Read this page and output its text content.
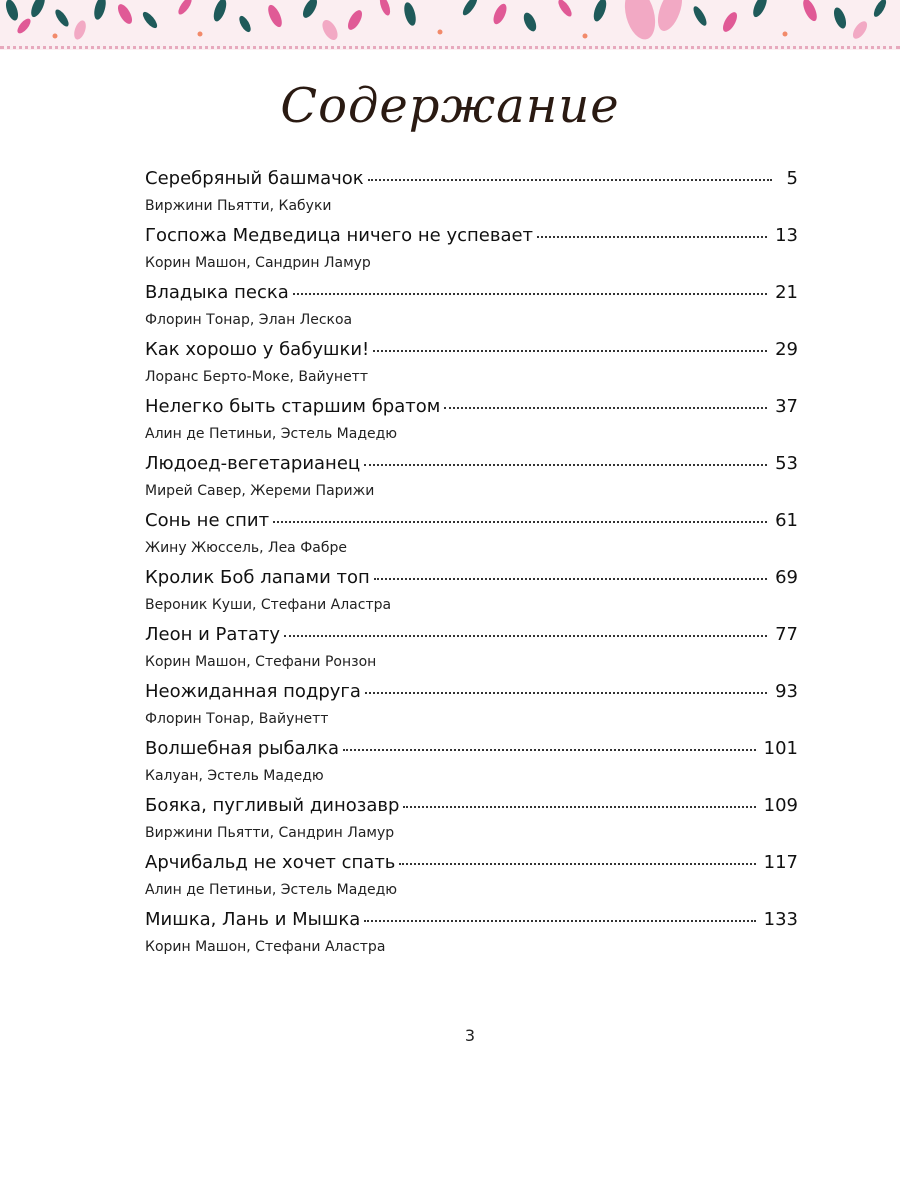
Содержание
Серебряный башмачок	5
Виржини Пьятти, Кабуки
Госпожа Медведица ничего не успевает	13
Корин Машон, Сандрин Ламур
Владыка песка	21
Флорин Тонар, Элан Лескоа
Как хорошо у бабушки!	29
Лоранс Берто-Моке, Вайунетт
Нелегко быть старшим братом	37
Алин де Петиньи, Эстель Мадедю
Людоед-вегетарианец	53
Мирей Савер, Жереми Парижи
Сонь не спит	61
Жину Жюссель, Леа Фабре
Кролик Боб лапами топ	69
Вероник Куши, Стефани Аластра
Леон и Ратату	77
Корин Машон, Стефани Ронзон
Неожиданная подруга	93
Флорин Тонар, Вайунетт
Волшебная рыбалка	101
Калуан, Эстель Мадедю
Бояка, пугливый динозавр	109
Виржини Пьятти, Сандрин Ламур
Арчибальд не хочет спать	117
Алин де Петиньи, Эстель Мадедю
Мишка, Лань и Мышка	133
Корин Машон, Стефани Аластра
3
